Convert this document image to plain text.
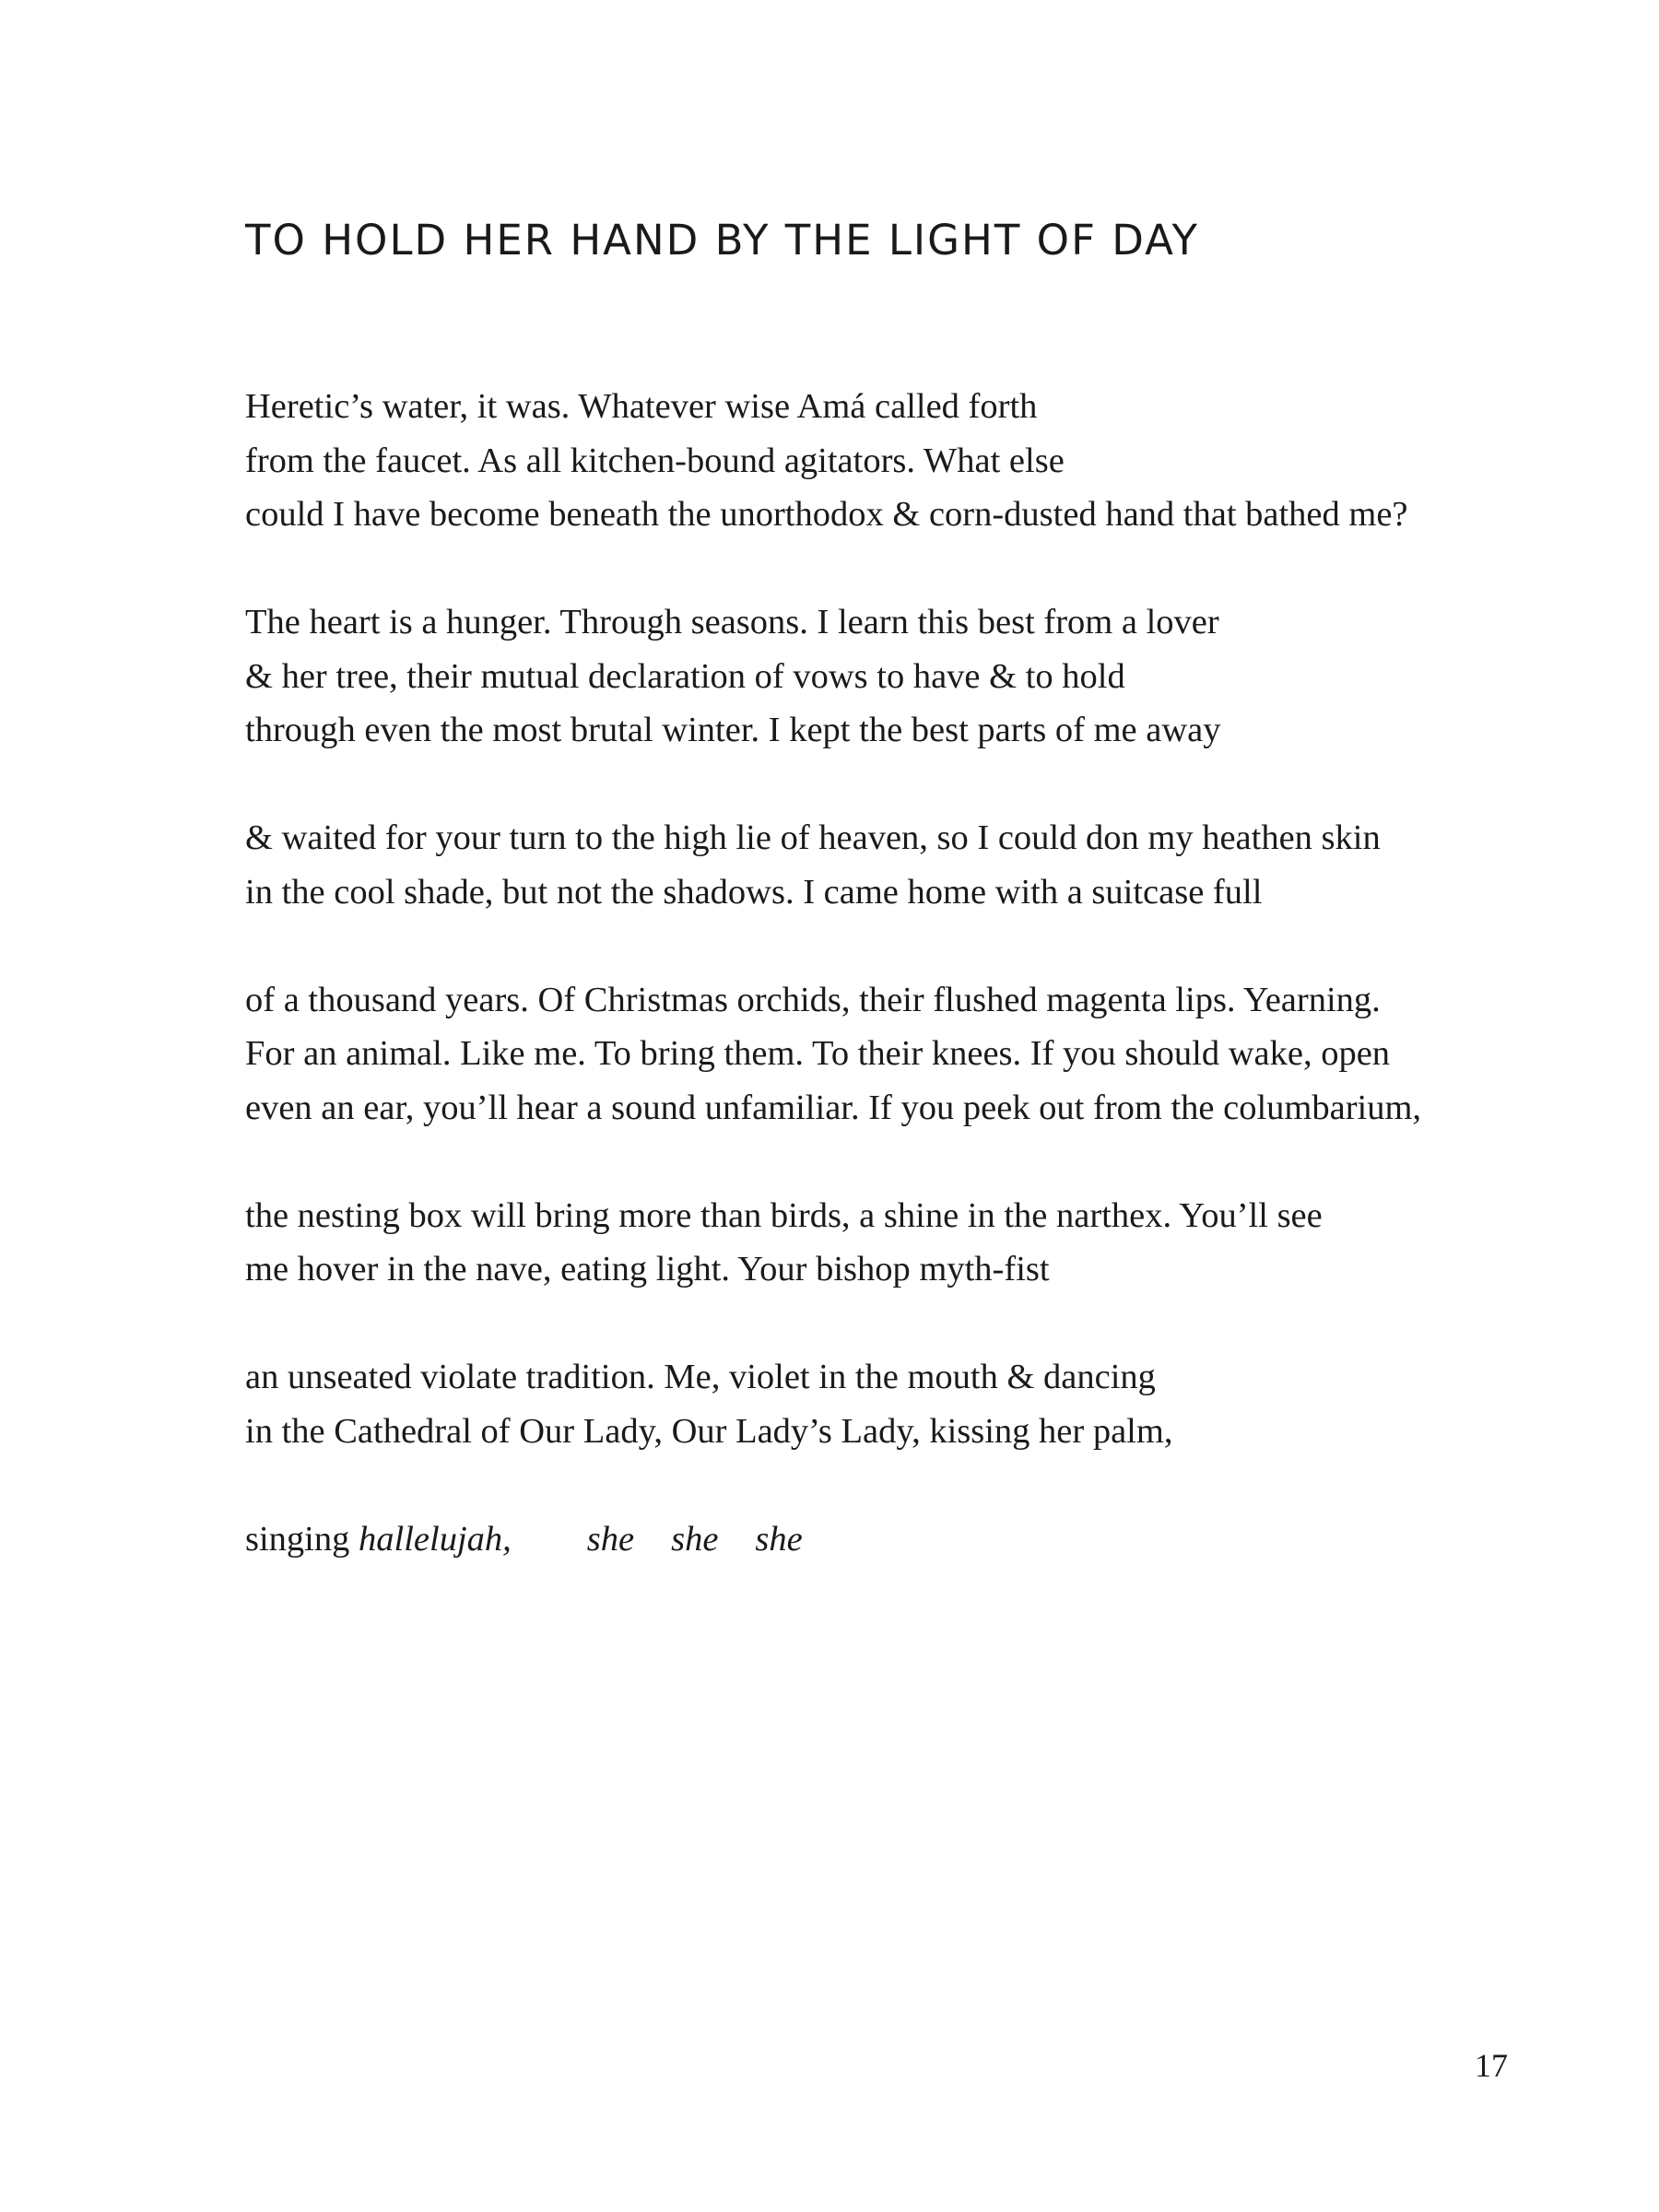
TO HOLD HER HAND BY THE LIGHT OF DAY
Heretic’s water, it was. Whatever wise Amá called forth
from the faucet. As all kitchen-bound agitators. What else
could I have become beneath the unorthodox & corn-dusted hand that bathed me?
The heart is a hunger. Through seasons. I learn this best from a lover
& her tree, their mutual declaration of vows to have & to hold
through even the most brutal winter. I kept the best parts of me away
& waited for your turn to the high lie of heaven, so I could don my heathen skin
in the cool shade, but not the shadows. I came home with a suitcase full
of a thousand years. Of Christmas orchids, their flushed magenta lips. Yearning.
For an animal. Like me. To bring them. To their knees. If you should wake, open
even an ear, you’ll hear a sound unfamiliar. If you peek out from the columbarium,
the nesting box will bring more than birds, a shine in the narthex. You’ll see
me hover in the nave, eating light. Your bishop myth-fist
an unseated violate tradition. Me, violet in the mouth & dancing
in the Cathedral of Our Lady, Our Lady’s Lady, kissing her palm,
singing hallelujah, she she she
17
